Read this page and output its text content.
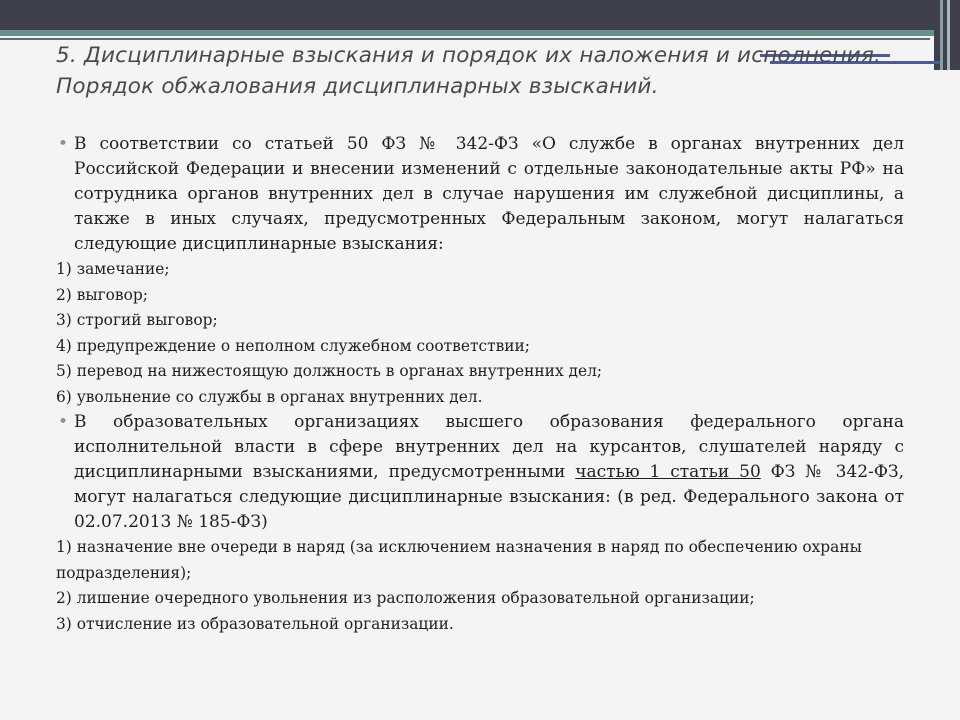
5. Дисциплинарные взыскания и порядок их наложения и исполнения. Порядок обжалования дисциплинарных взысканий.
• В соответствии со статьей 50 ФЗ № 342-ФЗ «О службе в органах внутренних дел Российской Федерации и внесении изменений с отдельные законодательные акты РФ» на сотрудника органов внутренних дел в случае нарушения им служебной дисциплины, а также в иных случаях, предусмотренных Федеральным законом, могут налагаться следующие дисциплинарные взыскания:
1) замечание;
2) выговор;
3) строгий выговор;
4) предупреждение о неполном служебном соответствии;
5) перевод на нижестоящую должность в органах внутренних дел;
6) увольнение со службы в органах внутренних дел.
• В образовательных организациях высшего образования федерального органа исполнительной власти в сфере внутренних дел на курсантов, слушателей наряду с дисциплинарными взысканиями, предусмотренными частью 1 статьи 50 ФЗ № 342-ФЗ, могут налагаться следующие дисциплинарные взыскания: (в ред. Федерального закона от 02.07.2013 № 185-ФЗ)
1) назначение вне очереди в наряд (за исключением назначения в наряд по обеспечению охраны подразделения);
2) лишение очередного увольнения из расположения образовательной организации;
3) отчисление из образовательной организации.
